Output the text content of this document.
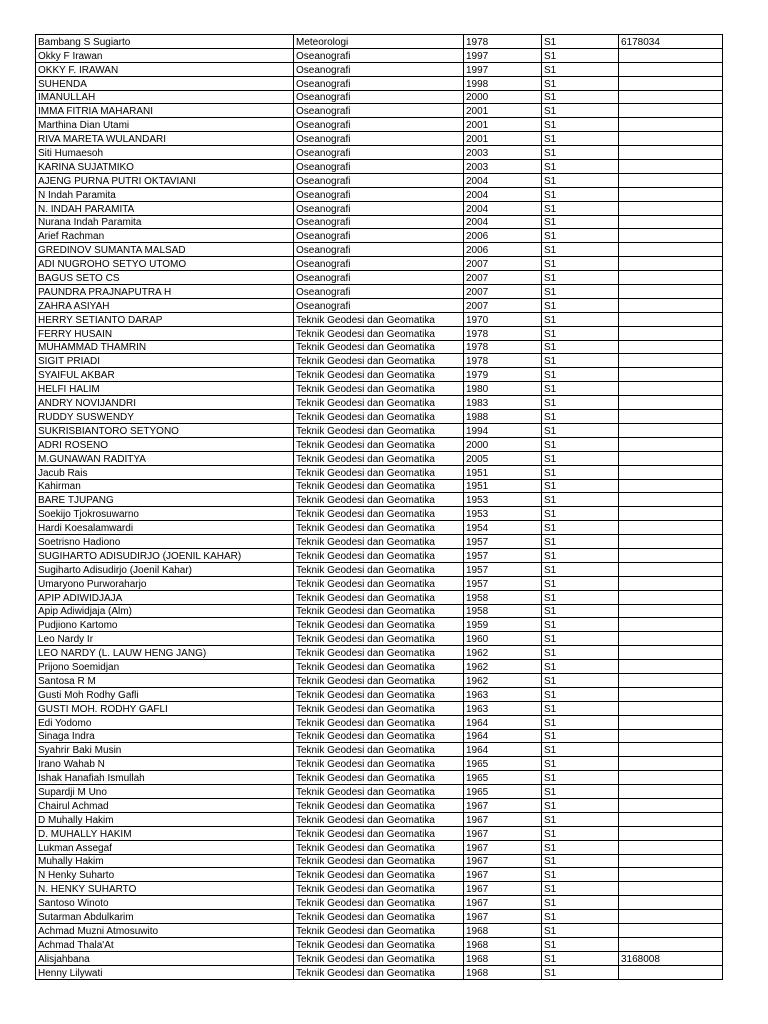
Bambang S Sugiarto	Meteorologi	1978	S1	6178034
Okky F Irawan	Oseanografi	1997	S1	
OKKY F. IRAWAN	Oseanografi	1997	S1	
SUHENDA	Oseanografi	1998	S1	
IMANULLAH	Oseanografi	2000	S1	
IMMA FITRIA MAHARANI	Oseanografi	2001	S1	
Marthina Dian Utami	Oseanografi	2001	S1	
RIVA MARETA WULANDARI	Oseanografi	2001	S1	
Siti Humaesoh	Oseanografi	2003	S1	
KARINA SUJATMIKO	Oseanografi	2003	S1	
AJENG PURNA PUTRI OKTAVIANI	Oseanografi	2004	S1	
N Indah Paramita	Oseanografi	2004	S1	
N. INDAH PARAMITA	Oseanografi	2004	S1	
Nurana Indah Paramita	Oseanografi	2004	S1	
Arief Rachman	Oseanografi	2006	S1	
GREDINOV SUMANTA MALSAD	Oseanografi	2006	S1	
ADI NUGROHO SETYO UTOMO	Oseanografi	2007	S1	
BAGUS SETO CS	Oseanografi	2007	S1	
PAUNDRA PRAJNAPUTRA H	Oseanografi	2007	S1	
ZAHRA ASIYAH	Oseanografi	2007	S1	
HERRY SETIANTO DARAP	Teknik Geodesi dan Geomatika	1970	S1	
FERRY HUSAIN	Teknik Geodesi dan Geomatika	1978	S1	
MUHAMMAD THAMRIN	Teknik Geodesi dan Geomatika	1978	S1	
SIGIT PRIADI	Teknik Geodesi dan Geomatika	1978	S1	
SYAIFUL AKBAR	Teknik Geodesi dan Geomatika	1979	S1	
HELFI HALIM	Teknik Geodesi dan Geomatika	1980	S1	
ANDRY NOVIJANDRI	Teknik Geodesi dan Geomatika	1983	S1	
RUDDY SUSWENDY	Teknik Geodesi dan Geomatika	1988	S1	
SUKRISBIANTORO SETYONO	Teknik Geodesi dan Geomatika	1994	S1	
ADRI ROSENO	Teknik Geodesi dan Geomatika	2000	S1	
M.GUNAWAN RADITYA	Teknik Geodesi dan Geomatika	2005	S1	
Jacub Rais	Teknik Geodesi dan Geomatika	1951	S1	
Kahirman	Teknik Geodesi dan Geomatika	1951	S1	
BARE TJUPANG	Teknik Geodesi dan Geomatika	1953	S1	
Soekijo Tjokrosuwarno	Teknik Geodesi dan Geomatika	1953	S1	
Hardi Koesalamwardi	Teknik Geodesi dan Geomatika	1954	S1	
Soetrisno Hadiono	Teknik Geodesi dan Geomatika	1957	S1	
SUGIHARTO ADISUDIRJO (JOENIL KAHAR)	Teknik Geodesi dan Geomatika	1957	S1	
Sugiharto Adisudirjo (Joenil Kahar)	Teknik Geodesi dan Geomatika	1957	S1	
Umaryono Purworaharjo	Teknik Geodesi dan Geomatika	1957	S1	
APIP ADIWIDJAJA	Teknik Geodesi dan Geomatika	1958	S1	
Apip Adiwidjaja (Alm)	Teknik Geodesi dan Geomatika	1958	S1	
Pudjiono Kartomo	Teknik Geodesi dan Geomatika	1959	S1	
Leo Nardy Ir	Teknik Geodesi dan Geomatika	1960	S1	
LEO NARDY (L. LAUW HENG JANG)	Teknik Geodesi dan Geomatika	1962	S1	
Prijono Soemidjan	Teknik Geodesi dan Geomatika	1962	S1	
Santosa R M	Teknik Geodesi dan Geomatika	1962	S1	
Gusti Moh Rodhy Gafli	Teknik Geodesi dan Geomatika	1963	S1	
GUSTI MOH. RODHY GAFLI	Teknik Geodesi dan Geomatika	1963	S1	
Edi Yodomo	Teknik Geodesi dan Geomatika	1964	S1	
Sinaga Indra	Teknik Geodesi dan Geomatika	1964	S1	
Syahrir Baki Musin	Teknik Geodesi dan Geomatika	1964	S1	
Irano Wahab N	Teknik Geodesi dan Geomatika	1965	S1	
Ishak Hanafiah Ismullah	Teknik Geodesi dan Geomatika	1965	S1	
Supardji M Uno	Teknik Geodesi dan Geomatika	1965	S1	
Chairul Achmad	Teknik Geodesi dan Geomatika	1967	S1	
D Muhally Hakim	Teknik Geodesi dan Geomatika	1967	S1	
D. MUHALLY HAKIM	Teknik Geodesi dan Geomatika	1967	S1	
Lukman Assegaf	Teknik Geodesi dan Geomatika	1967	S1	
Muhally Hakim	Teknik Geodesi dan Geomatika	1967	S1	
N Henky Suharto	Teknik Geodesi dan Geomatika	1967	S1	
N. HENKY SUHARTO	Teknik Geodesi dan Geomatika	1967	S1	
Santoso Winoto	Teknik Geodesi dan Geomatika	1967	S1	
Sutarman Abdulkarim	Teknik Geodesi dan Geomatika	1967	S1	
Achmad Muzni Atmosuwito	Teknik Geodesi dan Geomatika	1968	S1	
Achmad Thala'At	Teknik Geodesi dan Geomatika	1968	S1	
Alisjahbana	Teknik Geodesi dan Geomatika	1968	S1	3168008
Henny Lilywati	Teknik Geodesi dan Geomatika	1968	S1	
